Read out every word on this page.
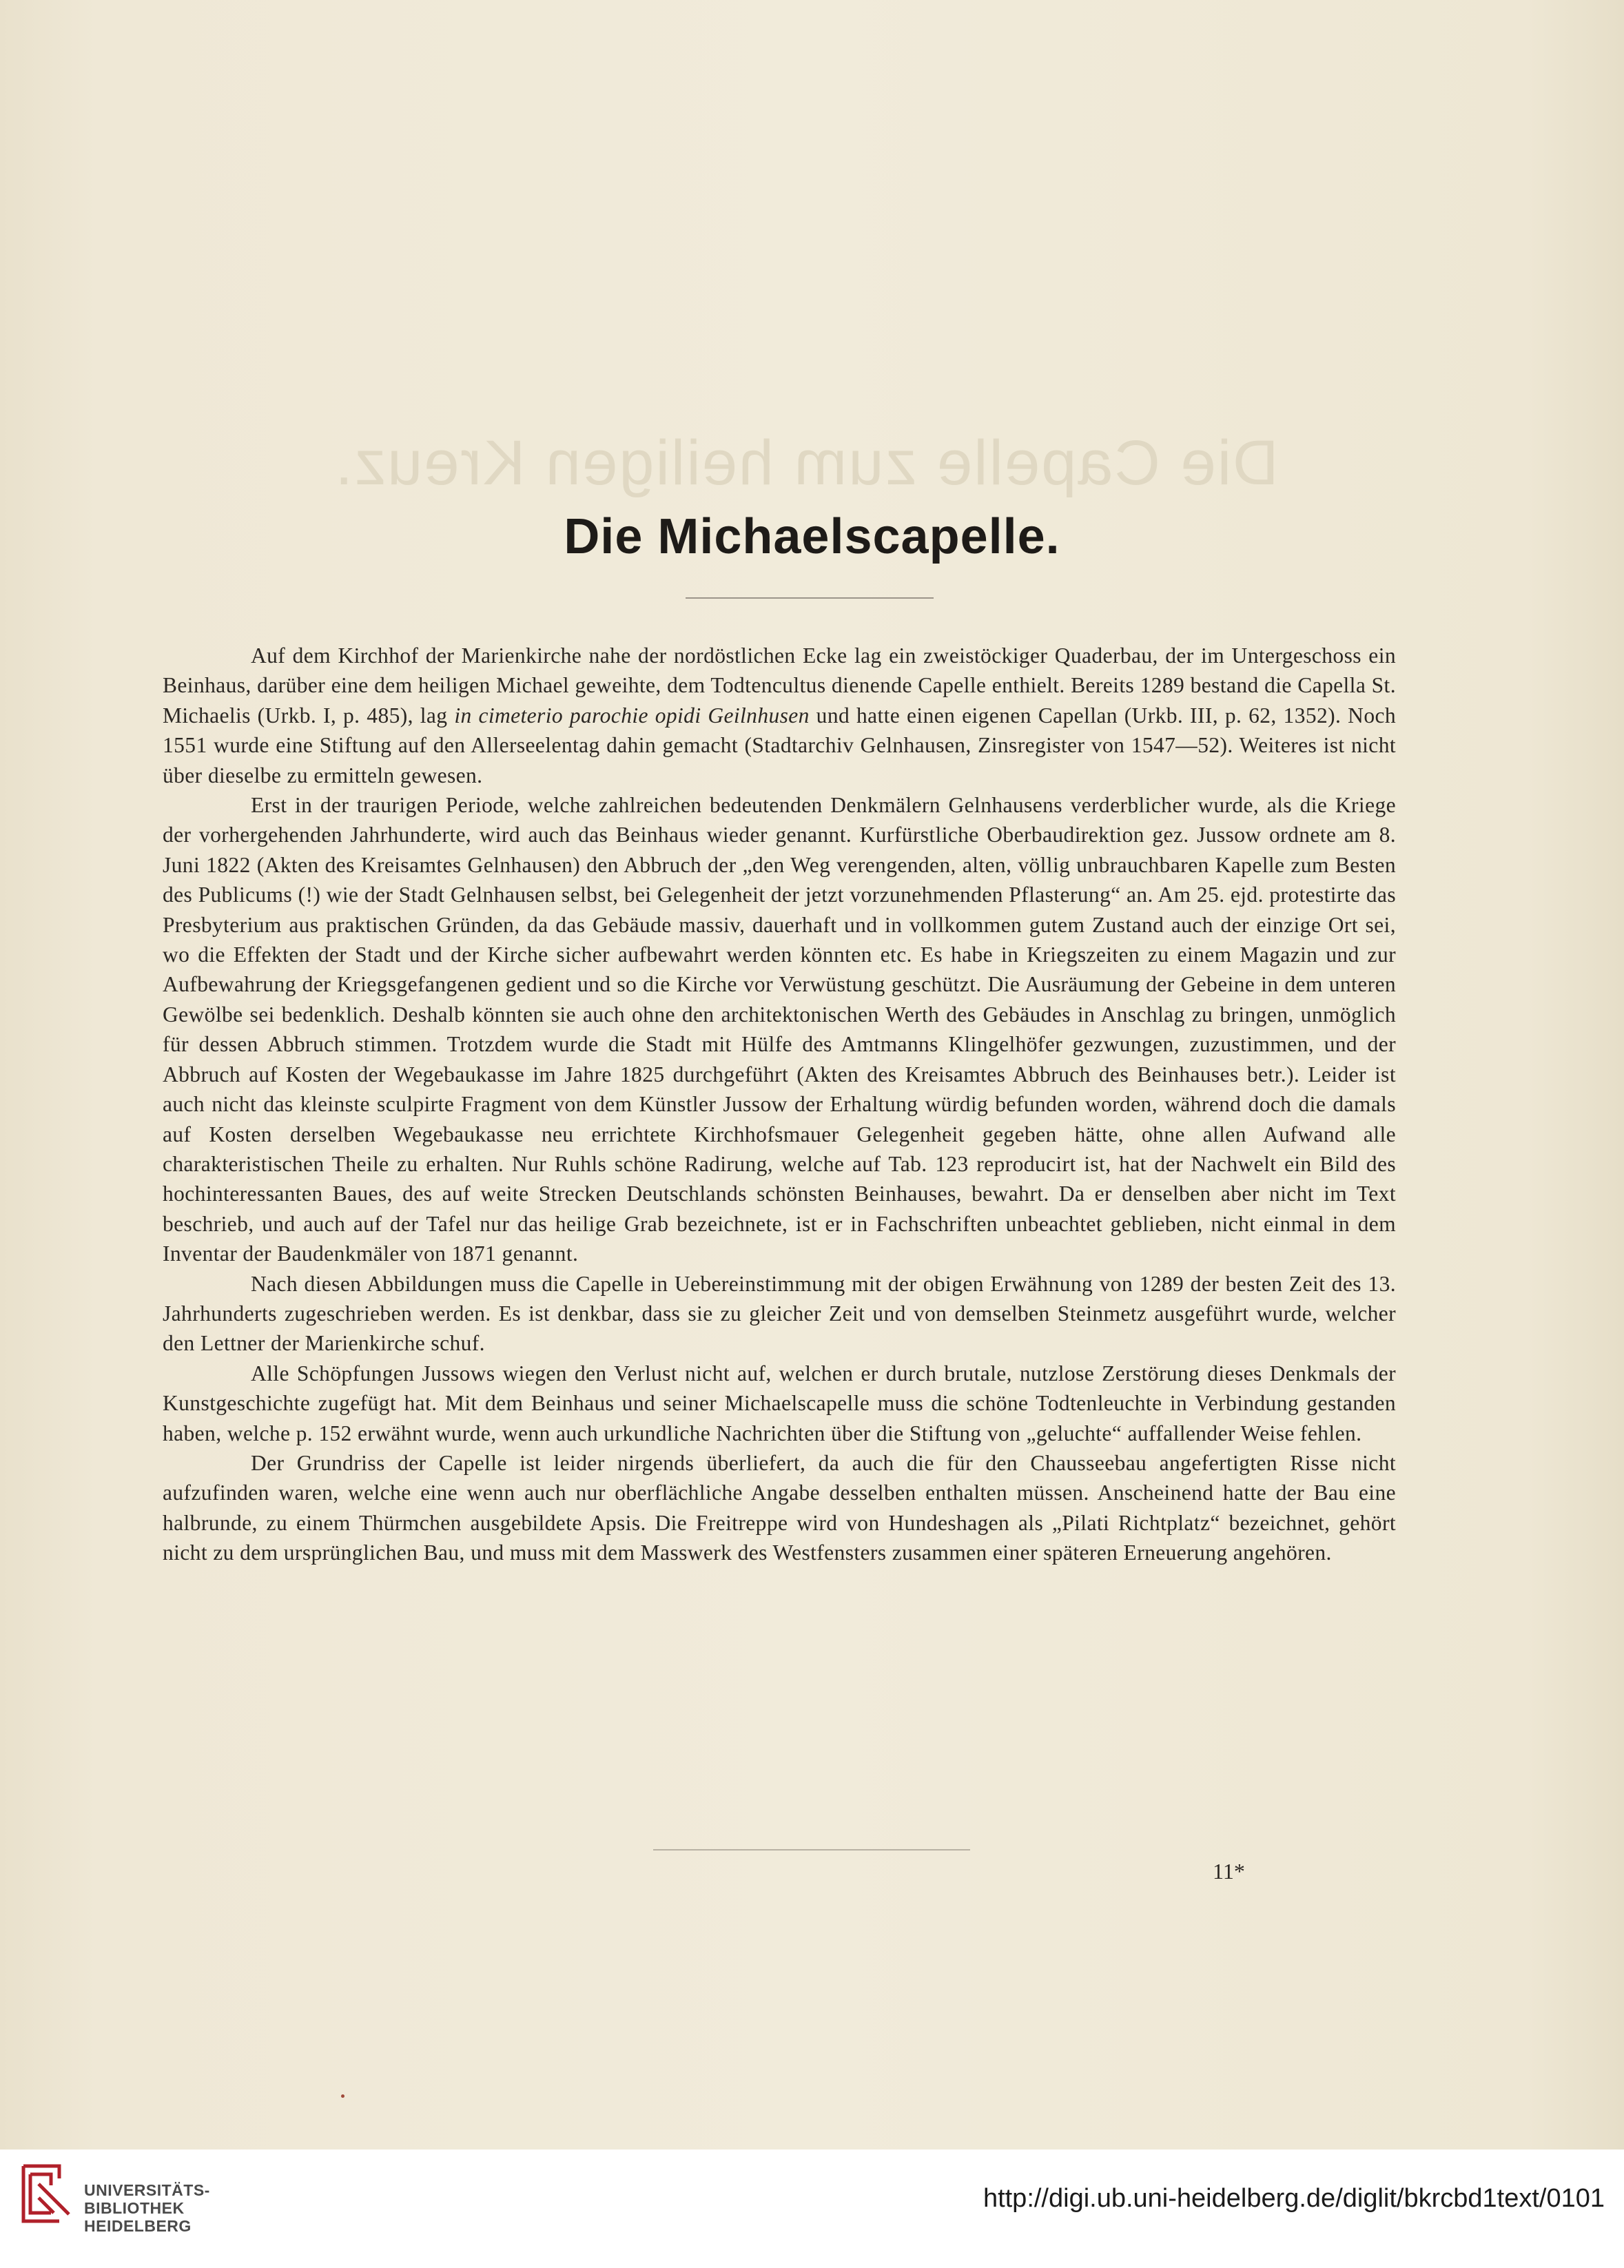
Die Capelle zum heiligen Kreuz.
Die Michaelscapelle.

Auf dem Kirchhof der Marienkirche nahe der nordöstlichen Ecke lag ein zweistöckiger Quaderbau, der im Untergeschoss ein Beinhaus, darüber eine dem heiligen Michael geweihte, dem Todtencultus dienende Capelle enthielt. Bereits 1289 bestand die Capella St. Michaelis (Urkb. I, p. 485), lag in cimeterio parochie opidi Geilnhusen und hatte einen eigenen Capellan (Urkb. III, p. 62, 1352). Noch 1551 wurde eine Stiftung auf den Allerseelentag dahin gemacht (Stadtarchiv Gelnhausen, Zinsregister von 1547—52). Weiteres ist nicht über dieselbe zu ermitteln gewesen.

Erst in der traurigen Periode, welche zahlreichen bedeutenden Denkmälern Gelnhausens verderblicher wurde, als die Kriege der vorhergehenden Jahrhunderte, wird auch das Beinhaus wieder genannt. Kurfürstliche Oberbaudirektion gez. Jussow ordnete am 8. Juni 1822 (Akten des Kreisamtes Gelnhausen) den Abbruch der „den Weg verengenden, alten, völlig unbrauchbaren Kapelle zum Besten des Publicums (!) wie der Stadt Gelnhausen selbst, bei Gelegenheit der jetzt vorzunehmenden Pflasterung“ an. Am 25. ejd. protestirte das Presbyterium aus praktischen Gründen, da das Gebäude massiv, dauerhaft und in vollkommen gutem Zustand auch der einzige Ort sei, wo die Effekten der Stadt und der Kirche sicher aufbewahrt werden könnten etc. Es habe in Kriegszeiten zu einem Magazin und zur Aufbewahrung der Kriegsgefangenen gedient und so die Kirche vor Verwüstung geschützt. Die Ausräumung der Gebeine in dem unteren Gewölbe sei bedenklich. Deshalb könnten sie auch ohne den architektonischen Werth des Gebäudes in Anschlag zu bringen, unmöglich für dessen Abbruch stimmen. Trotzdem wurde die Stadt mit Hülfe des Amtmanns Klingelhöfer gezwungen, zuzustimmen, und der Abbruch auf Kosten der Wegebaukasse im Jahre 1825 durchgeführt (Akten des Kreisamtes Abbruch des Beinhauses betr.). Leider ist auch nicht das kleinste sculpirte Fragment von dem Künstler Jussow der Erhaltung würdig befunden worden, während doch die damals auf Kosten derselben Wegebaukasse neu errichtete Kirchhofsmauer Gelegenheit gegeben hätte, ohne allen Aufwand alle charakteristischen Theile zu erhalten. Nur Ruhls schöne Radirung, welche auf Tab. 123 reproducirt ist, hat der Nachwelt ein Bild des hochinteressanten Baues, des auf weite Strecken Deutschlands schönsten Beinhauses, bewahrt. Da er denselben aber nicht im Text beschrieb, und auch auf der Tafel nur das heilige Grab bezeichnete, ist er in Fachschriften unbeachtet geblieben, nicht einmal in dem Inventar der Baudenkmäler von 1871 genannt.

Nach diesen Abbildungen muss die Capelle in Uebereinstimmung mit der obigen Erwähnung von 1289 der besten Zeit des 13. Jahrhunderts zugeschrieben werden. Es ist denkbar, dass sie zu gleicher Zeit und von demselben Steinmetz ausgeführt wurde, welcher den Lettner der Marienkirche schuf.

Alle Schöpfungen Jussows wiegen den Verlust nicht auf, welchen er durch brutale, nutzlose Zerstörung dieses Denkmals der Kunstgeschichte zugefügt hat. Mit dem Beinhaus und seiner Michaelscapelle muss die schöne Todtenleuchte in Verbindung gestanden haben, welche p. 152 erwähnt wurde, wenn auch urkundliche Nachrichten über die Stiftung von „geluchte“ auffallender Weise fehlen.

Der Grundriss der Capelle ist leider nirgends überliefert, da auch die für den Chausseebau angefertigten Risse nicht aufzufinden waren, welche eine wenn auch nur oberflächliche Angabe desselben enthalten müssen. Anscheinend hatte der Bau eine halbrunde, zu einem Thürmchen ausgebildete Apsis. Die Freitreppe wird von Hundeshagen als „Pilati Richtplatz“ bezeichnet, gehört nicht zu dem ursprünglichen Bau, und muss mit dem Masswerk des Westfensters zusammen einer späteren Erneuerung angehören.

11*
UNIVERSITÄTS-
BIBLIOTHEK
HEIDELBERG
http://digi.ub.uni-heidelberg.de/diglit/bkrcbd1text/0101
